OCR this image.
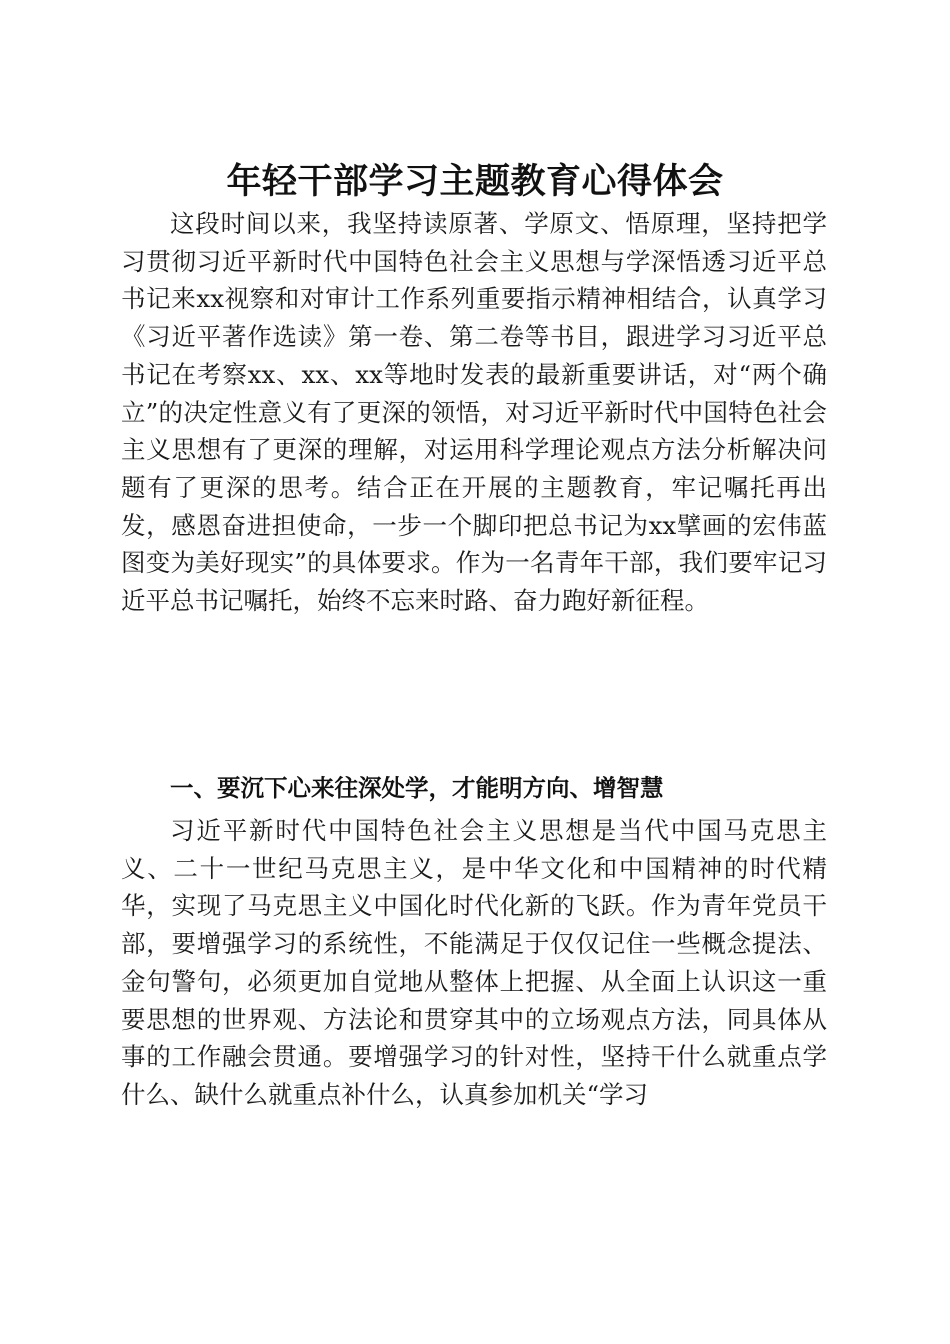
年轻干部学习主题教育心得体会

这段时间以来，我坚持读原著、学原文、悟原理，坚持把学习贯彻习近平新时代中国特色社会主义思想与学深悟透习近平总书记来xx视察和对审计工作系列重要指示精神相结合，认真学习《习近平著作选读》第一卷、第二卷等书目，跟进学习习近平总书记在考察xx、xx、xx等地时发表的最新重要讲话，对“两个确立”的决定性意义有了更深的领悟，对习近平新时代中国特色社会主义思想有了更深的理解，对运用科学理论观点方法分析解决问题有了更深的思考。结合正在开展的主题教育，牢记嘱托再出发，感恩奋进担使命，一步一个脚印把总书记为xx擘画的宏伟蓝图变为美好现实”的具体要求。作为一名青年干部，我们要牢记习近平总书记嘱托，始终不忘来时路、奋力跑好新征程。

一、要沉下心来往深处学，才能明方向、增智慧

习近平新时代中国特色社会主义思想是当代中国马克思主义、二十一世纪马克思主义，是中华文化和中国精神的时代精华，实现了马克思主义中国化时代化新的飞跃。作为青年党员干部，要增强学习的系统性，不能满足于仅仅记住一些概念提法、金句警句，必须更加自觉地从整体上把握、从全面上认识这一重要思想的世界观、方法论和贯穿其中的立场观点方法，同具体从事的工作融会贯通。要增强学习的针对性，坚持干什么就重点学什么、缺什么就重点补什么，认真参加机关“学习
